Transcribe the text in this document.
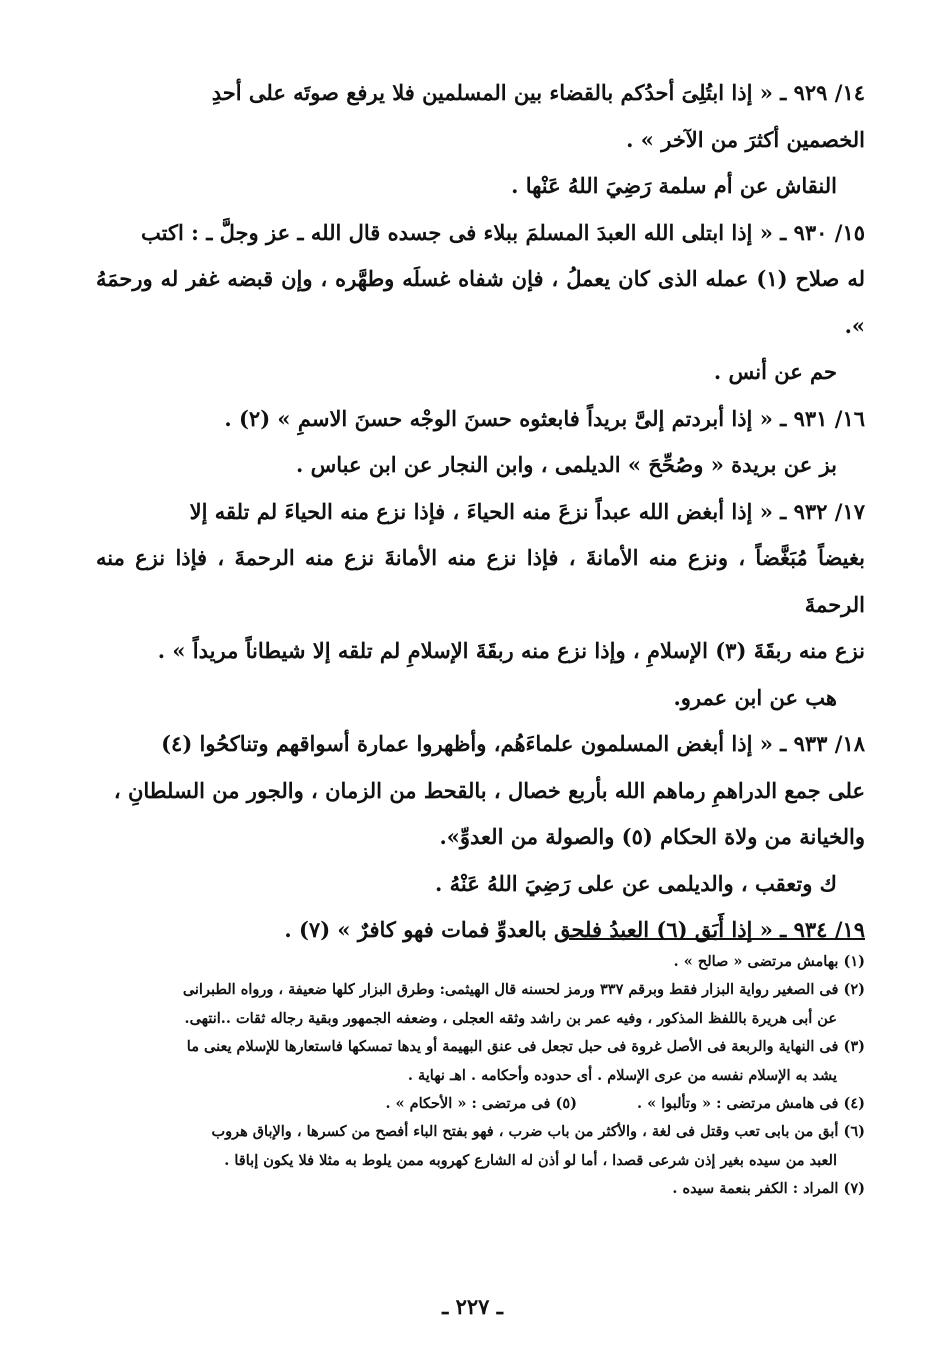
١٤/ ٩٢٩ ـ « إذا ابتُلِىَ أحدُكم بالقضاء بين المسلمين فلا يرفع صوتَه على أحدِ

الخصمين أكثرَ من الآخر » .

النقاش عن أم سلمة رَضِيَ اللهُ عَنْها .

١٥/ ٩٣٠ ـ « إذا ابتلى الله العبدَ المسلمَ ببلاء فى جسده قال الله ـ عز وجلَّ ـ : اكتب

له صلاح (١) عمله الذى كان يعملُ ، فإن شفاه غسلَه وطهَّره ، وإن قبضه غفر له ورحمَهُ ».

حم عن أنس .

١٦/ ٩٣١ ـ « إذا أبردتم إلىَّ بريداً فابعثوه حسنَ الوجْه حسنَ الاسمِ » (٢) .

بز عن بريدة « وصُحِّحَ » الديلمى ، وابن النجار عن ابن عباس .

١٧/ ٩٣٢ ـ « إذا أبغض الله عبداً نزعَ منه الحياءَ ، فإذا نزع منه الحياءَ لم تلقه إلا

بغيضاً مُبَغَّضاً ، ونزع منه الأمانةَ ، فإذا نزع منه الأمانةَ نزع منه الرحمةَ ، فإذا نزع منه الرحمةَ

نزع منه ربقَةَ (٣) الإسلامِ ، وإذا نزع منه ربقَةَ الإسلامِ لم تلقه إلا شيطاناً مريداً » .

هب عن ابن عمرو.

١٨/ ٩٣٣ ـ « إذا أبغض المسلمون علماءَهُم، وأظهروا عمارة أسواقهم وتناكحُوا (٤)

على جمع الدراهمِ رماهم الله بأربع خصال ، بالقحط من الزمان ، والجور من السلطانِ ،

والخيانة من ولاة الحكام (٥) والصولة من العدوِّ».

ك وتعقب ، والديلمى عن على رَضِيَ اللهُ عَنْهُ .

١٩/ ٩٣٤ ـ « إذا أَبَق (٦) العبدُ فلحق بالعدوِّ فمات فهو كافرٌ » (٧) .

(١) بهامش مرتضى « صالح » .

(٢) فى الصغير رواية البزار فقط وبرقم ٣٣٧ ورمز لحسنه قال الهيثمى: وطرق البزار كلها ضعيفة ، ورواه الطبرانى

عن أبى هريرة باللفظ المذكور ، وفيه عمر بن راشد وثقه العجلى ، وضعفه الجمهور وبقية رجاله ثقات ..انتهى.

(٣) فى النهاية والربعة فى الأصل غروة فى حبل تجعل فى عنق البهيمة أو يدها تمسكها فاستعارها للإسلام يعنى ما

يشد به الإسلام نفسه من عرى الإسلام . أى حدوده وأحكامه . اهـ نهاية .

(٤) فى هامش مرتضى : « وتألبوا » .
(٥) فى مرتضى : « الأحكام » .

(٦) أبق من بابى تعب وقتل فى لغة ، والأكثر من باب ضرب ، فهو بفتح الباء أفصح من كسرها ، والإباق هروب

العبد من سيده بغير إذن شرعى قصدا ، أما لو أذن له الشارع كهروبه ممن يلوط به مثلا فلا يكون إباقا .

(٧) المراد : الكفر بنعمة سيده .

ـ ٢٢٧ ـ
